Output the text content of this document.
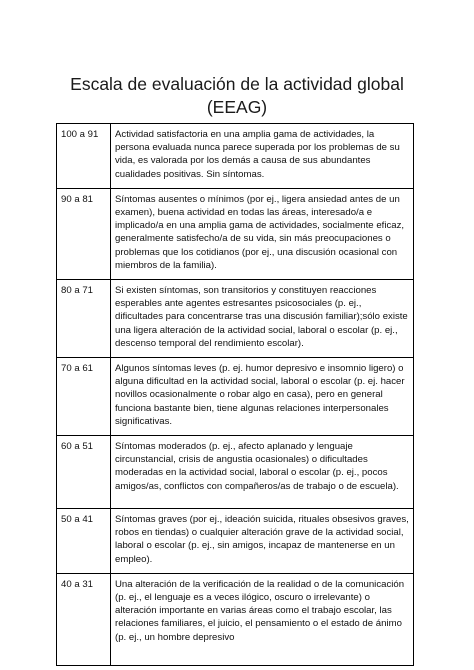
Escala de evaluación de la actividad global
(EEAG)
100 a 91	Actividad satisfactoria en una amplia gama de actividades, la persona evaluada nunca parece superada por los problemas de su vida, es valorada por los demás a causa de sus abundantes cualidades positivas. Sin síntomas.
90 a 81	Síntomas ausentes o mínimos (por ej., ligera ansiedad antes de un examen), buena actividad en todas las áreas, interesado/a e implicado/a en una amplia gama de actividades, socialmente eficaz, generalmente satisfecho/a de su vida, sin más preocupaciones o problemas que los cotidianos (por ej., una discusión ocasional con miembros de la familia).
80 a 71	Si existen síntomas, son transitorios y constituyen reacciones esperables ante agentes estresantes psicosociales (p. ej., dificultades para concentrarse tras una discusión familiar);sólo existe una ligera alteración de la actividad social, laboral o escolar (p. ej., descenso temporal del rendimiento escolar).
70 a 61	Algunos síntomas leves (p. ej. humor depresivo e insomnio ligero) o alguna dificultad en la actividad social, laboral o escolar (p. ej. hacer novillos ocasionalmente o robar algo en casa), pero en general funciona bastante bien, tiene algunas relaciones interpersonales significativas.
60 a 51	Síntomas moderados (p. ej., afecto aplanado y lenguaje circunstancial, crisis de angustia ocasionales) o dificultades moderadas en la actividad social, laboral o escolar (p. ej., pocos amigos/as, conflictos con compañeros/as de trabajo o de escuela).
50 a 41	Síntomas graves (por ej., ideación suicida, rituales obsesivos graves, robos en tiendas) o cualquier alteración grave de la actividad social, laboral o escolar (p. ej., sin amigos, incapaz de mantenerse en un empleo).
40 a 31	Una alteración de la verificación de la realidad o de la comunicación (p. ej., el lenguaje es a veces ilógico, oscuro o irrelevante) o alteración importante en varias áreas como el trabajo escolar, las relaciones familiares, el juicio, el pensamiento o el estado de ánimo (p. ej., un hombre depresivo
